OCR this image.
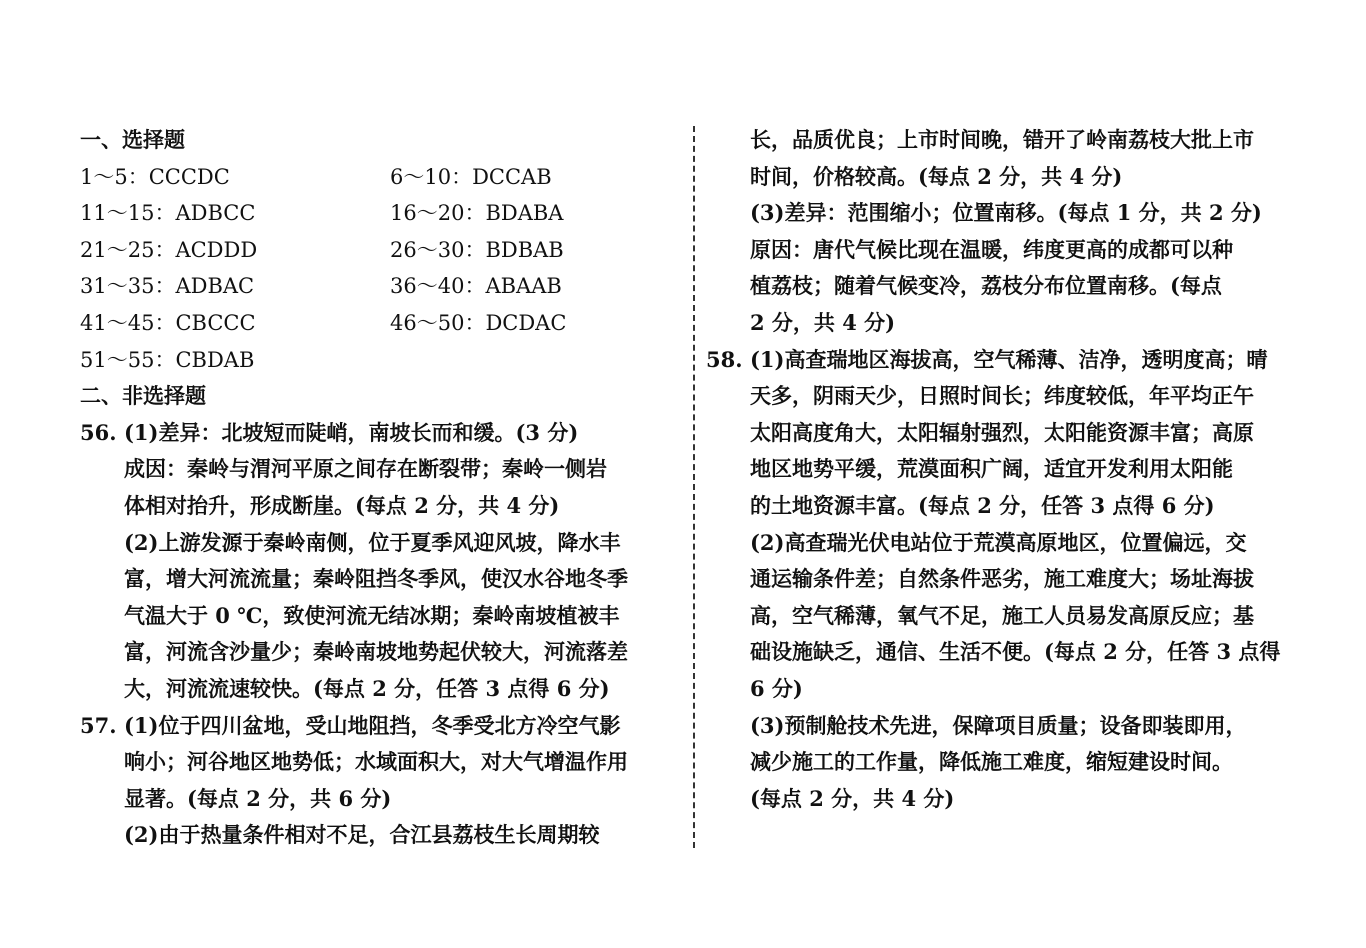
一、选择题
1～5：CCCDC	6～10：DCCAB
11～15：ADBCC	16～20：BDABA
21～25：ACDDD	26～30：BDBAB
31～35：ADBAC	36～40：ABAAB
41～45：CBCCC	46～50：DCDAC
51～55：CBDAB
二、非选择题
56. (1)差异：北坡短而陡峭，南坡长而和缓。(3 分)
成因：秦岭与渭河平原之间存在断裂带；秦岭一侧岩
体相对抬升，形成断崖。(每点 2 分，共 4 分)
(2)上游发源于秦岭南侧，位于夏季风迎风坡，降水丰
富，增大河流流量；秦岭阻挡冬季风，使汉水谷地冬季
气温大于 0 ℃，致使河流无结冰期；秦岭南坡植被丰
富，河流含沙量少；秦岭南坡地势起伏较大，河流落差
大，河流流速较快。(每点 2 分，任答 3 点得 6 分)
57. (1)位于四川盆地，受山地阻挡，冬季受北方冷空气影
响小；河谷地区地势低；水域面积大，对大气增温作用
显著。(每点 2 分，共 6 分)
(2)由于热量条件相对不足，合江县荔枝生长周期较
长，品质优良；上市时间晚，错开了岭南荔枝大批上市
时间，价格较高。(每点 2 分，共 4 分)
(3)差异：范围缩小；位置南移。(每点 1 分，共 2 分)
原因：唐代气候比现在温暖，纬度更高的成都可以种
植荔枝；随着气候变冷，荔枝分布位置南移。(每点
2 分，共 4 分)
58. (1)高查瑞地区海拔高，空气稀薄、洁净，透明度高；晴
天多，阴雨天少，日照时间长；纬度较低，年平均正午
太阳高度角大，太阳辐射强烈，太阳能资源丰富；高原
地区地势平缓，荒漠面积广阔，适宜开发利用太阳能
的土地资源丰富。(每点 2 分，任答 3 点得 6 分)
(2)高查瑞光伏电站位于荒漠高原地区，位置偏远，交
通运输条件差；自然条件恶劣，施工难度大；场址海拔
高，空气稀薄，氧气不足，施工人员易发高原反应；基
础设施缺乏，通信、生活不便。(每点 2 分，任答 3 点得
6 分)
(3)预制舱技术先进，保障项目质量；设备即装即用，
减少施工的工作量，降低施工难度，缩短建设时间。
(每点 2 分，共 4 分)
